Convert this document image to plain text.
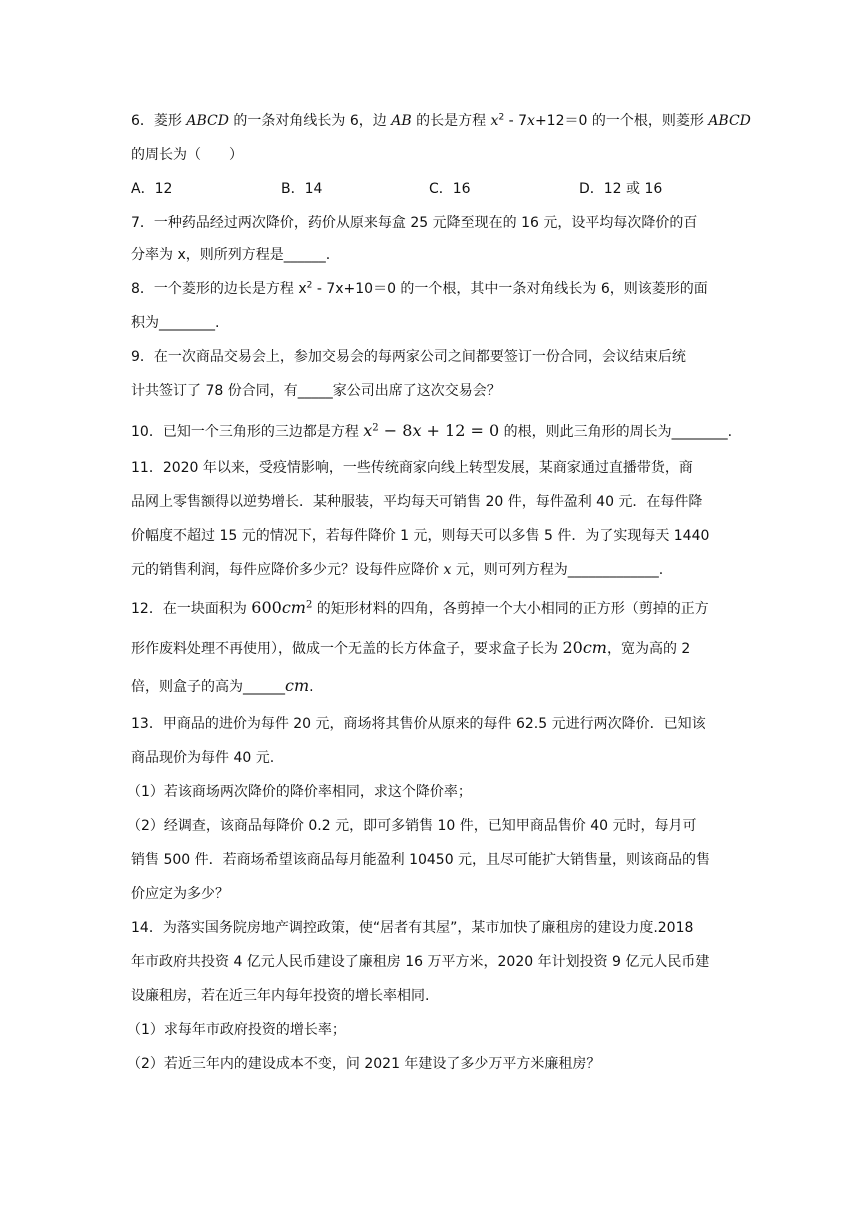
6．菱形 ABCD 的一条对角线长为 6，边 AB 的长是方程 $x^2 - 7x+12=0$ 的一个根，则菱形 ABCD

的周长为（　　）

A．12	B．14	C．16	D．12 或 16

7．一种药品经过两次降价，药价从原来每盒 25 元降至现在的 16 元，设平均每次降价的百

分率为 x，则所列方程是______.

8．一个菱形的边长是方程 $x^2 - 7x+10=0$ 的一个根，其中一条对角线长为 6，则该菱形的面

积为________.

9．在一次商品交易会上，参加交易会的每两家公司之间都要签订一份合同，会议结束后统

计共签订了 78 份合同，有_____家公司出席了这次交易会？

10．已知一个三角形的三边都是方程 $x^2 - 8x + 12 = 0$ 的根，则此三角形的周长为________.

11．2020 年以来，受疫情影响，一些传统商家向线上转型发展，某商家通过直播带货，商

品网上零售额得以逆势增长．某种服装，平均每天可销售 20 件，每件盈利 40 元．在每件降

价幅度不超过 15 元的情况下，若每件降价 1 元，则每天可以多售 5 件．为了实现每天 1440

元的销售利润，每件应降价多少元？设每件应降价 x 元，则可列方程为_____________.

12．在一块面积为 $600cm^2$ 的矩形材料的四角，各剪掉一个大小相同的正方形（剪掉的正方

形作废料处理不再使用），做成一个无盖的长方体盒子，要求盒子长为 20cm，宽为高的 2

倍，则盒子的高为______cm.

13．甲商品的进价为每件 20 元，商场将其售价从原来的每件 62.5 元进行两次降价．已知该

商品现价为每件 40 元.

（1）若该商场两次降价的降价率相同，求这个降价率；

（2）经调查，该商品每降价 0.2 元，即可多销售 10 件，已知甲商品售价 40 元时，每月可

销售 500 件．若商场希望该商品每月能盈利 10450 元，且尽可能扩大销售量，则该商品的售

价应定为多少？

14．为落实国务院房地产调控政策，使“居者有其屋”，某市加快了廉租房的建设力度.2018

年市政府共投资 4 亿元人民币建设了廉租房 16 万平方米，2020 年计划投资 9 亿元人民币建

设廉租房，若在近三年内每年投资的增长率相同.

（1）求每年市政府投资的增长率；

（2）若近三年内的建设成本不变，问 2021 年建设了多少万平方米廉租房？
